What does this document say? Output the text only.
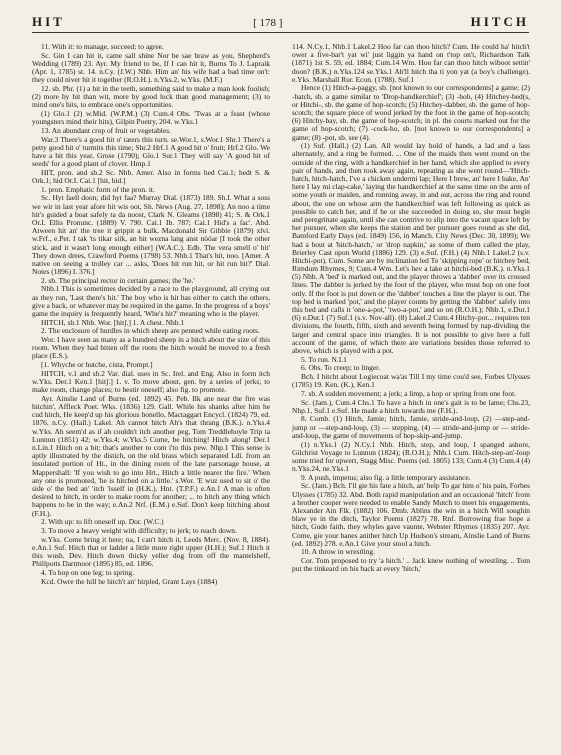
HIT	[ 178 ]	HITCH

11. With it: to manage, succeed; to agree.

Sc. Gin I can hit it, came sall shine Nor be sae braw as you, Shepherd's Wedding (1789) 23. Ayr. My friend to be, If I can hit it, Burns To J. Lapraik (Apr. 1, 1785) st. 14. n.Cy. (J.W.) Nhb. Him an' his wife had a bad time on't: they could niver hit it together (R.O.H.). n.Yks.2, w.Yks. (M.F.)

12. sb. Phr. (1) a hit in the teeth, something said to make a man look foolish; (2) more by hit than wit, more by good luck than good management; (3) to mind one's hits, to embrace one's opportunities.

(1) Glo.1 (2) w.Mid. (W.P.M.) (3) Cum.4 Obs. 'Twas at a feast (whose youngsters mind their hits), Gilpin Poetry, 204. w.Yks.1

13. An abundant crop of fruit or vegetables.

War.3 There's a good hit o' taters this turn. se.Wor.1, s.Wor.1 Shr.1 There's a petty good hit o' turmits this time; Shr.2 Hrf.1 A good hit o' fruit; Hrf.2 Glo. We have a hit this year, Grose (1790); Glo.1 Sur.1 They will say 'A good hit of seeds' for a good plant of clover. Hmp.1

HIT, pron. and sb.2 Sc. Nhb. Amer. Also in forms hed Cai.1; hedt S. & Ork.1; hid Or.I. Cai.1 [hit, hid.]

1. pron. Emphatic form of the pron. it.

Sc. Hyt faell doon; did hyt faa? Murray Dial. (1873) 189. Sh.I. What a soss we wir in last year afore hit wis oot, Sh. News (Aug. 27, 1898); An noo a time hit's guided a boat safely ta da noost, Clark N. Gleams (1898) 41; S. & Ork.1 Or.I. Ellis Pronunc. (1889) V. 790. Cai.1 Ib. 787; Cai.1 Hid's a fac'. Abd. Atween hit an' the tree it grippit a bulk, Macdonald Sir Gibbie (1879) xlvi. w.Frf., e.Per. I tak 'ts tikar siik, an hit wezna lang anst nööar [I took the other stick, and it wasn't long enough either] (W.A.C.). Edb. The vera smell o' hit' They down drees, Crawford Poems (1798) 53. Nhb.1 That's hit, noo. [Amer. A native on seeing a trolley car ... asks, 'Does hit run hit, or hit run hit?' Dial. Notes (1896) I. 376.]

2. sb. The principal rector in certain games; the 'he.'

Nhb.1 This is sometimes decided by a race to the playground, all crying out as they run, 'Last there's hit.' The boy who is hit has either to catch the others, give a back, or whatever may be required in the game. In the progress of a boys' game the inquiry is frequently heard, 'Whe's hit?' meaning who is the player.

HITCH, sb.1 Nhb. Wor. [hitʃ.] 1. A chest. Nhb.1

2. The enclosure of hurdles in which sheep are penned while eating roots.

Wor. I have seen as many as a hundred sheep in a hitch about the size of this room. When they had bitten off the roots the hitch would be moved to a fresh place (E.S.).

[1. Whyche or hutche, cista, Prompt.]

HITCH, v.1 and sb.2 Var. dial. uses in Sc. Irel. and Eng. Also in form itch w.Yks. Der.1 Ken.1 [hitʃ.] 1. v. To move about, gen. by a series of jerks; to make room, change places; to bestir oneself; also fig. to promote.

Ayr. Ainslie Land of Burns (ed. 1892) 45. Peb. Ilk ane near the fire was hitchin', Affleck Poet. Wks. (1836) 129. Gall. While his shanks after him he cud hitch, He keep'd up his glorious bonello, Mactaggart Encycl. (1824) 79, ed. 1876. n.Cy. (Hall.) Lakel. Ah cannot hitch Ah's that thrang (B.K.). n.Yks.4 w.Yks. Ah seem'd as if ah couldn't itch another peg, Tom Treddlehoyle Trip ta Lunnun (1851) 42; w.Yks.4; w.Yks.5 Come, be hitching! Hitch along! Der.1 n.Lin.1 Hitch on a bit; that's another to com i'to this pew. Nhp.1 This sense is aptly illustrated by the distich, on the old brass which separated Ldi. from an insulated portion of Ht., in the dining room of the late parsonage house, at Mappershall: 'If you wish to go into Hrt., Hitch a little nearer the fire.' When any one is promoted, 'he is hitched on a little.' s.Wor. 'E wuz used to sit o' the side o' the bed an' 'itch 'isself in (H.K.). Hnt. (T.P.F.) e.An.1 A man is often desired to hitch, in order to make room for another; ... to hitch any thing which happens to be in the way; e.An.2 Nrf. (E.M.) e.Suf. Don't keep hitching about (F.H.).

2. With up: to lift oneself up. Dor. (W.C.)

3. To move a heavy weight with difficulty; to jerk; to reach down.

w.Yks. Come bring it here; na, I can't hitch it, Leeds Merc. (Nov. 8, 1884). e.An.1 Suf. Hitch that or ladder a little more right upper (H.H.); Suf.1 Hitch it this wush. Dev. Hitch down thicky yeller dog from off the mantelshelf, Phillpotts Dartmoor (1895) 85, ed. 1896.

4. To hop on one leg; to spring.

Kcd. Owre the hill he hitch't an' hirpled, Grant Lays (1884)

114. N.Cy.1, Nhb.1 Lakel.2 Hoo far can thoo hitch? Cum. He could ha' hitch't ower a five-bar't yat wi' just liggin ya hand on t'top on't, Richardson Talk (1871) 1st S. 59, ed. 1884; Cum.14 Wm. Hoo far can thoo hitch wiboot settin' doon? (B.K.) n.Yks.124 se.Yks.1 Ah'll hitch tha ti yon yat (a boy's challenge). e.Yks. Marshall Rur. Econ. (1788). Suf.1

Hence (1) Hitch-a-paggy, sb. [not known to our correspondents] a game; (2) -hatch, sb. a game similar to 'Drop-handkerchief'; (3) -hob, (4) Hitchey-bed(s, or Hitchi-, sb. the game of hop-scotch; (5) Hitchey-dabber, sb. the game of hop-scotch; the square piece of wood jerked by the foot in the game of hop-scotch; (6) Hitchy-bay, sb. the game of hop-scotch; in pl. the courts marked out for the game of hop-scotch; (7) -cock-ho, sb. [not known to our correspondents] a game; (8) -pot, sb. see (4).

(1) Suf. (Hall.) (2) Lan. All would lay hold of hands, a lad and a lass alternately, and a ring be formed. ... One of the maids then went round on the outside of the ring, with a handkerchief in her hand, which she applied to every pair of hands, and then took away again, repeating as she went round—'Hitch-hatch, hitch-hatch, I've a chicken undermi lap; Here I brew, an' here I bake, An' here I lay mi clap-cake,' laying the handkerchief at the same time on the arm of some youth or maiden, and running away, in and out, across the ring and round about, the one on whose arm the handkerchief was left following as quick as possible to catch her, and if he or she succeeded in doing so, she must begin and peregrinate again, until she can contrive to slip into the vacant space left by her pursuer, when she keeps the station and her pursuer goes round as she did, Bamford Early Days (ed. 1849) 156, in Manch. City News (Dec. 30, 1899); We had a bout at 'hitch-hatch,' or 'drop napkin,' as some of them called the play, Brierley Cast upon World (1886) 129. (3) e.Suf. (F.H.) (4) Nhb.1 Lakel.2 (s.v. Hitchi-pot). Cum. Some are by inclination led To 'skipping rope' or hitchey bed, Rimdum Rhymes, 9; Cum.4 Wm. Let's hev a lake at hitchi-bed (B.K.). n.Yks.1 (5) Nhb. A 'bed' is marked out, and the player throws a 'dabber' over its crossed lines. The dabber is jerked by the foot of the player, who must hop on one foot only. If the foot is put down or the 'dabber' touches a line the player is out. The top bed is marked 'pot,' and the player counts by getting the 'dabber' safely into this bed and calls it 'one-a-pot,' 'two-a-pot,' and so on (R.O.H.); Nhb.1, e.Dur.1 (6) e.Dur.1 (7) Suf.1 (s.v. Nov-all). (8) Lakel.2 Cum.4 Hitchy-pot... requires ten divisions, the fourth, fifth, sixth and seventh being formed by nap-dividing the larger and central space into triangles. It is not possible to give here a full account of the game, of which there are variations besides those referred to above, which is played with a pot.

5. To run. N.I.1

6. Obs. To creep; to linger.

Bch. I hitcht about Logiecoat wa'as Till I my time cou'd see, Forbes Ulysses (1785) 19. Ken. (K.), Ken.1

7. sb. A sudden movement; a jerk; a limp, a hop or spring from one foot.

Sc. (Jam.), Cum.4 Chs.1 To have a hitch in one's gait is to be lame; Chs.23, Nhp.1, Suf.1 e.Suf. He made a hitch towards me (F.H.).

8. Comb. (1) Hitch, Jamie; hitch, Jamie, stride-and-loup, (2) —step-and-jump or —step-and-loup, (3) — stepping, (4) — stride-and-jump or — stride-and-loup, the game of movements of hop-skip-and-jump.

(1) n.Yks.1 (2) N.Cy.1 Nhb. Hitch, step, and loup, I spanged ashore, Gilchrist Voyage to Lunnun (1824); (R.O.H.); Nhb.1 Cum. Hitch-step-an'-loup some tried for upwert, Stagg Misc. Poems (ed. 1805) 133; Cum.4 (3) Cum.4 (4) n.Yks.24, ne.Yks.1

9. A push, impetus; also fig. a little temporary assistance.

Sc. (Jam.) Bch. I'll gie his fate a hitch, an' help To gar him o' his pain, Forbes Ulysses (1785) 32. Abd. Both rapid manipulation and an occasional 'hitch' from a brother cooper were needed to enable Sandy Mutch to meet his engagements, Alexander Ain Flk. (1882) 106. Dmb. Ablins the win in a hitch Will soughin blaw ye in the ditch, Taylor Poems (1827) 78. Rnf. Borrowing frae hope a hitch, Gude faith, they whyles gave vaunte, Webster Rhymes (1835) 207. Ayr. Come, gie your banes anither hitch Up Hudson's stream, Ainslie Land of Burns (ed. 1892) 278. e.An.1 Give your stool a hitch.

10. A throw in wrestling.

Cor. Tom proposed to try 'a hitch.' .. Jack knew nothing of wrestling. .. Tom put the tinkeard on his back at every 'hitch,'
